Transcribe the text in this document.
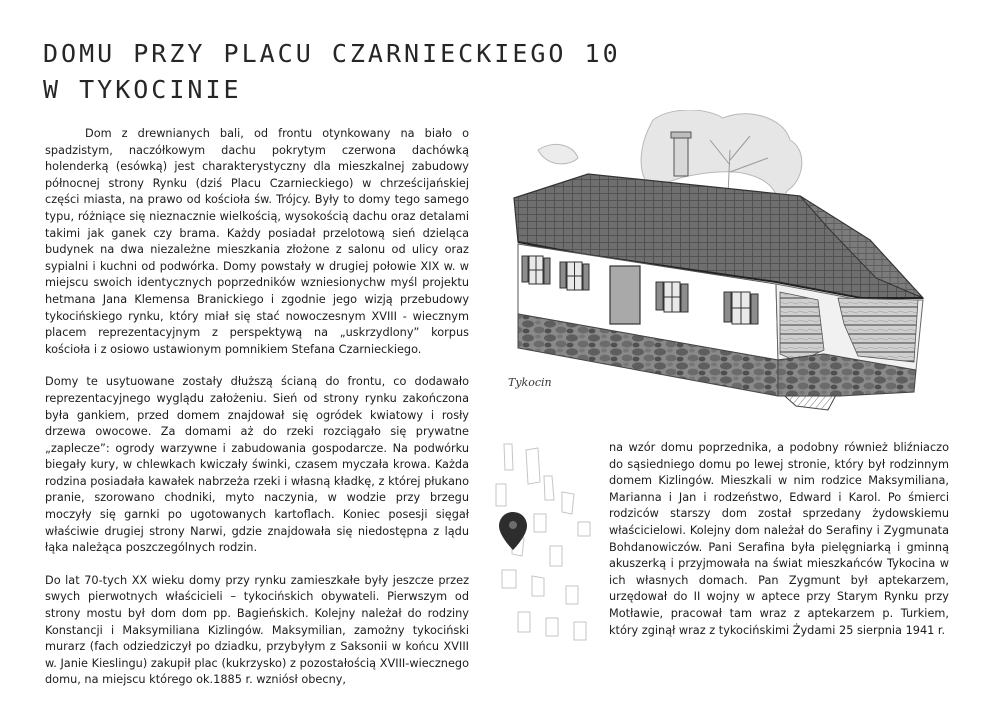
DOMU PRZY PLACU CZARNIECKIEGO 10
W TYKOCINIE

Dom z drewnianych bali, od frontu otynkowany na biało o spadzistym, naczółkowym dachu pokrytym czerwona dachówką holenderką (esówką) jest charakterystyczny dla mieszkalnej zabudowy północnej strony Rynku (dziś Placu Czarnieckiego) w chrześcijańskiej części miasta, na prawo od kościoła św. Trójcy. Były to domy tego samego typu, różniące się nieznacznie wielkością, wysokością dachu oraz detalami takimi jak ganek czy brama. Każdy posiadał przelotową sień dzieląca budynek na dwa niezależne mieszkania złożone z salonu od ulicy oraz sypialni i kuchni od podwórka. Domy powstały w drugiej połowie XIX w. w miejscu swoich identycznych poprzedników wzniesionychw myśl projektu hetmana Jana Klemensa Branickiego i zgodnie jego wizją przebudowy tykocińskiego rynku, który miał się stać nowoczesnym XVIII - wiecznym placem reprezentacyjnym z perspektywą na „uskrzydlony” korpus kościoła i z osiowo ustawionym pomnikiem Stefana Czarnieckiego.

Domy te usytuowane zostały dłuższą ścianą do frontu, co dodawało reprezentacyjnego wyglądu założeniu. Sień od strony rynku zakończona była gankiem, przed domem znajdował się ogródek kwiatowy i rosły drzewa owocowe. Za domami aż do rzeki rozciągało się prywatne „zaplecze”: ogrody warzywne i zabudowania gospodarcze. Na podwórku biegały kury, w chlewkach kwiczały świnki, czasem myczała krowa. Każda rodzina posiadała kawałek nabrzeża rzeki i własną kładkę, z której płukano pranie, szorowano chodniki, myto naczynia, w wodzie przy brzegu moczyły się garnki po ugotowanych kartoflach. Koniec posesji sięgał właściwie drugiej strony Narwi, gdzie znajdowała się niedostępna z lądu łąka należąca poszczególnych rodzin.

Do lat 70-tych XX wieku domy przy rynku zamieszkałe były jeszcze przez swych pierwotnych właścicieli – tykocińskich obywateli. Pierwszym od strony mostu był dom dom pp. Bagieńskich. Kolejny należał do rodziny Konstancji i Maksymiliana Kizlingów. Maksymilian, zamożny tykociński murarz (fach odziedziczył po dziadku, przybyłym z Saksonii w końcu XVIII w. Janie Kieslingu) zakupił plac (kukrzysko) z pozostałością XVIII-wiecznego domu, na miejscu którego ok.1885 r. wzniósł obecny,

Tykocin

na wzór domu poprzednika, a podobny również bliźniaczo do sąsiedniego domu po lewej stronie, który był rodzinnym domem Kizlingów. Mieszkali w nim rodzice Maksymiliana, Marianna i Jan i rodzeństwo, Edward i Karol. Po śmierci rodziców starszy dom został sprzedany żydowskiemu właścicielowi. Kolejny dom należał do Serafiny i Zygmunata Bohdanowiczów. Pani Serafina była pielęgniarką i gminną akuszerką i przyjmowała na świat mieszkańców Tykocina w ich własnych domach. Pan Zygmunt był aptekarzem, urzędował do II wojny w aptece przy Starym Rynku przy Motławie, pracował tam wraz z aptekarzem p. Turkiem, który zginął wraz z tykocińskimi Żydami 25 sierpnia 1941 r.
